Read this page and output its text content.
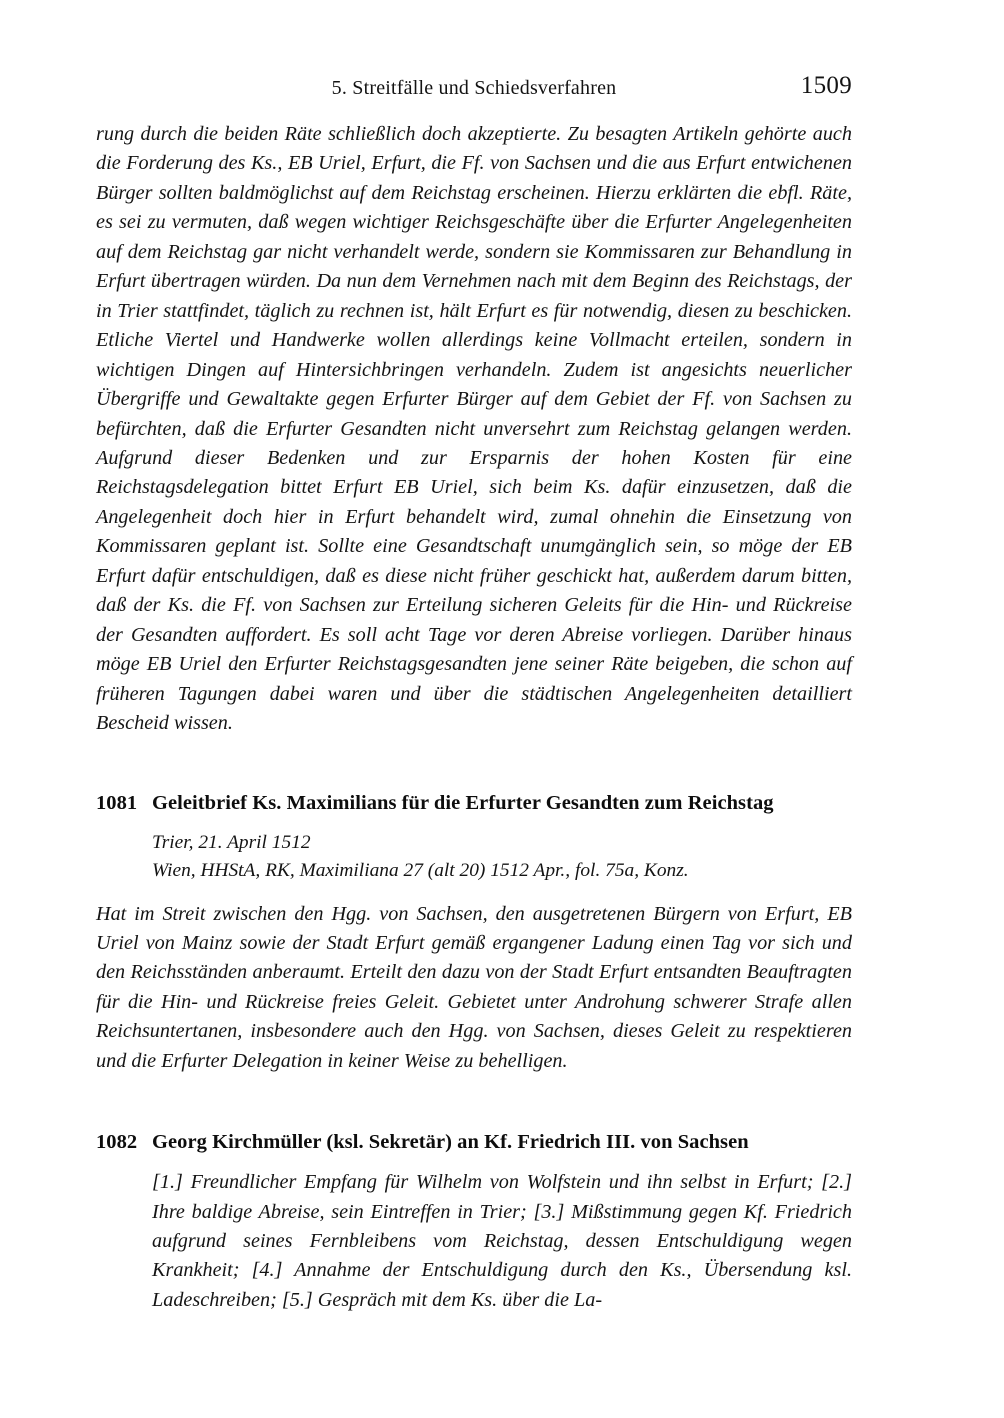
5. Streitfälle und Schiedsverfahren	1509

rung durch die beiden Räte schließlich doch akzeptierte. Zu besagten Artikeln gehörte auch die Forderung des Ks., EB Uriel, Erfurt, die Ff. von Sachsen und die aus Erfurt entwichenen Bürger sollten baldmöglichst auf dem Reichstag erscheinen. Hierzu erklärten die ebfl. Räte, es sei zu vermuten, daß wegen wichtiger Reichsgeschäfte über die Erfurter Angelegenheiten auf dem Reichstag gar nicht verhandelt werde, sondern sie Kommissaren zur Behandlung in Erfurt übertragen würden. Da nun dem Vernehmen nach mit dem Beginn des Reichstags, der in Trier stattfindet, täglich zu rechnen ist, hält Erfurt es für notwendig, diesen zu beschicken. Etliche Viertel und Handwerke wollen allerdings keine Vollmacht erteilen, sondern in wichtigen Dingen auf Hintersichbringen verhandeln. Zudem ist angesichts neuerlicher Übergriffe und Gewaltakte gegen Erfurter Bürger auf dem Gebiet der Ff. von Sachsen zu befürchten, daß die Erfurter Gesandten nicht unversehrt zum Reichstag gelangen werden. Aufgrund dieser Bedenken und zur Ersparnis der hohen Kosten für eine Reichstagsdelegation bittet Erfurt EB Uriel, sich beim Ks. dafür einzusetzen, daß die Angelegenheit doch hier in Erfurt behandelt wird, zumal ohnehin die Einsetzung von Kommissaren geplant ist. Sollte eine Gesandtschaft unumgänglich sein, so möge der EB Erfurt dafür entschuldigen, daß es diese nicht früher geschickt hat, außerdem darum bitten, daß der Ks. die Ff. von Sachsen zur Erteilung sicheren Geleits für die Hin- und Rückreise der Gesandten auffordert. Es soll acht Tage vor deren Abreise vorliegen. Darüber hinaus möge EB Uriel den Erfurter Reichstagsgesandten jene seiner Räte beigeben, die schon auf früheren Tagungen dabei waren und über die städtischen Angelegenheiten detailliert Bescheid wissen.

1081 Geleitbrief Ks. Maximilians für die Erfurter Gesandten zum Reichstag
Trier, 21. April 1512
Wien, HHStA, RK, Maximiliana 27 (alt 20) 1512 Apr., fol. 75a, Konz.

Hat im Streit zwischen den Hgg. von Sachsen, den ausgetretenen Bürgern von Erfurt, EB Uriel von Mainz sowie der Stadt Erfurt gemäß ergangener Ladung einen Tag vor sich und den Reichsständen anberaumt. Erteilt den dazu von der Stadt Erfurt entsandten Beauftragten für die Hin- und Rückreise freies Geleit. Gebietet unter Androhung schwerer Strafe allen Reichsuntertanen, insbesondere auch den Hgg. von Sachsen, dieses Geleit zu respektieren und die Erfurter Delegation in keiner Weise zu behelligen.

1082 Georg Kirchmüller (ksl. Sekretär) an Kf. Friedrich III. von Sachsen
[1.] Freundlicher Empfang für Wilhelm von Wolfstein und ihn selbst in Erfurt; [2.] Ihre baldige Abreise, sein Eintreffen in Trier; [3.] Mißstimmung gegen Kf. Friedrich aufgrund seines Fernbleibens vom Reichstag, dessen Entschuldigung wegen Krankheit; [4.] Annahme der Entschuldigung durch den Ks., Übersendung ksl. Ladeschreiben; [5.] Gespräch mit dem Ks. über die La-
